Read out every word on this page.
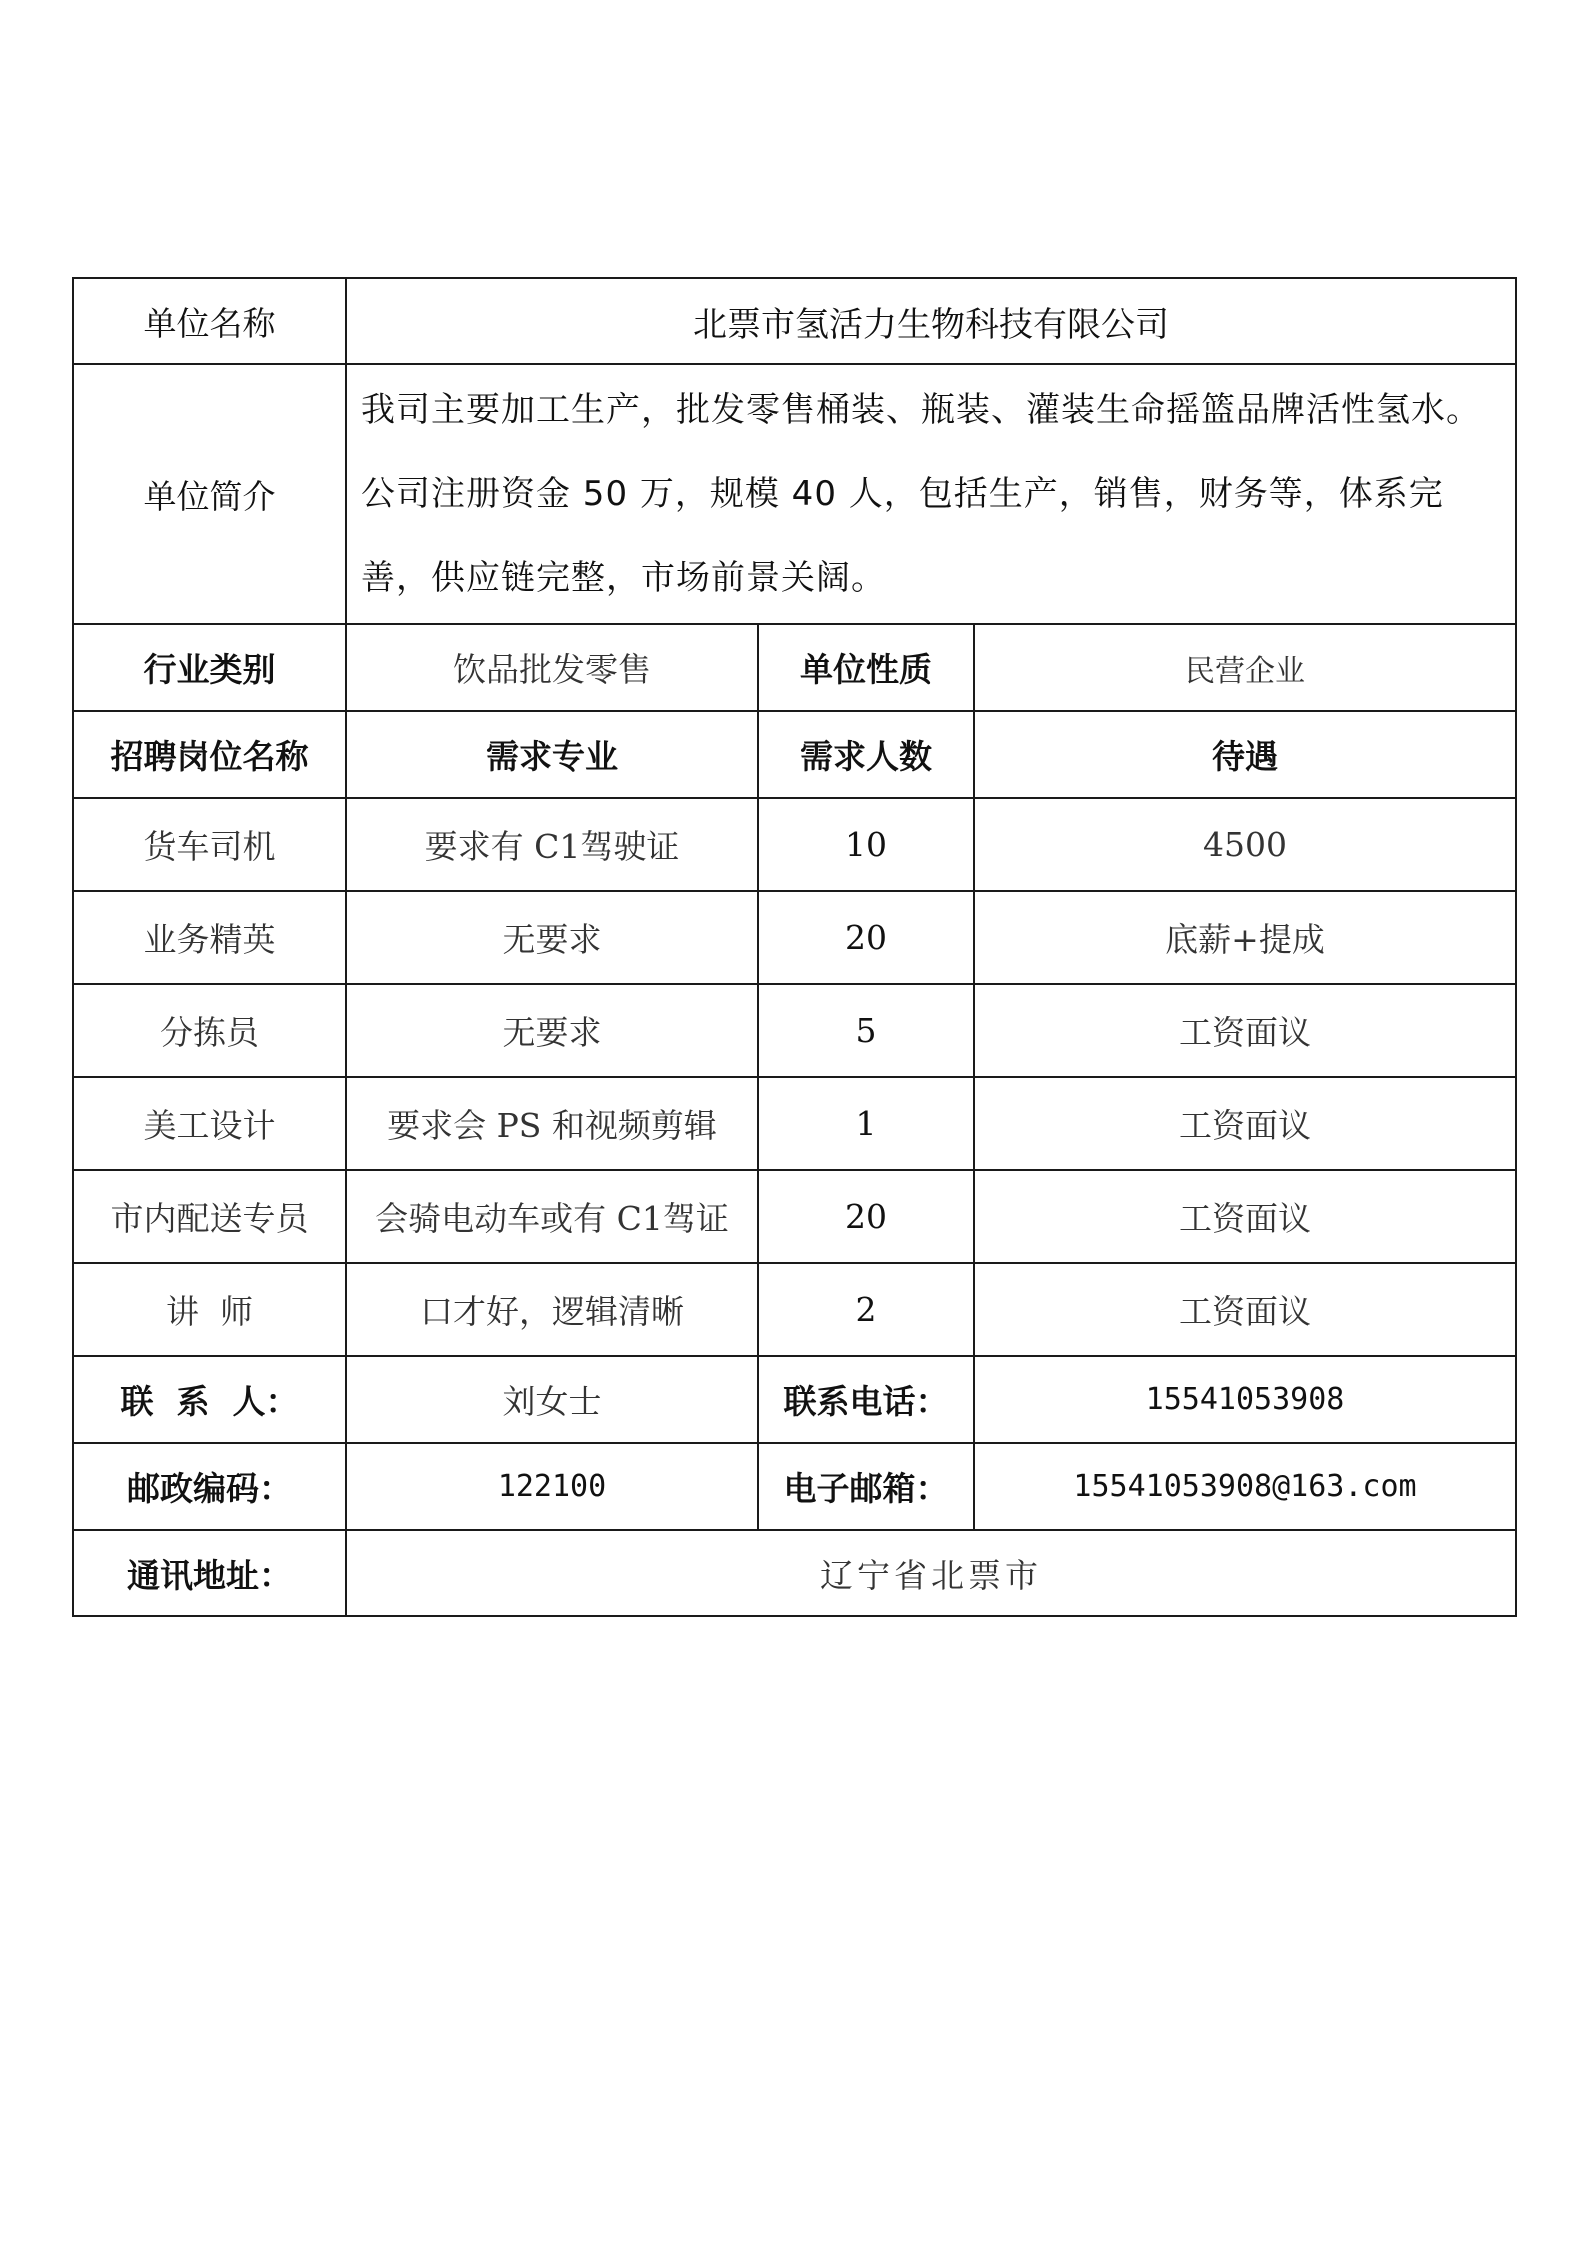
单位名称	北票市氢活力生物科技有限公司		
单位简介	我司主要加工生产，批发零售桶装、瓶装、灌装生命摇篮品牌活性氢水。公司注册资金 50 万，规模 40 人，包括生产，销售，财务等，体系完善，供应链完整，市场前景关阔。		
行业类别	饮品批发零售	单位性质	民营企业
招聘岗位名称	需求专业	需求人数	待遇
货车司机	要求有 C1驾驶证	10	4500
业务精英	无要求	20	底薪+提成
分拣员	无要求	5	工资面议
美工设计	要求会 PS 和视频剪辑	1	工资面议
市内配送专员	会骑电动车或有 C1驾证	20	工资面议
讲  师	口才好，逻辑清晰	2	工资面议
联  系  人：	刘女士	联系电话：	15541053908
邮政编码：	122100	电子邮箱：	15541053908@163.com
通讯地址：	辽宁省北票市		
